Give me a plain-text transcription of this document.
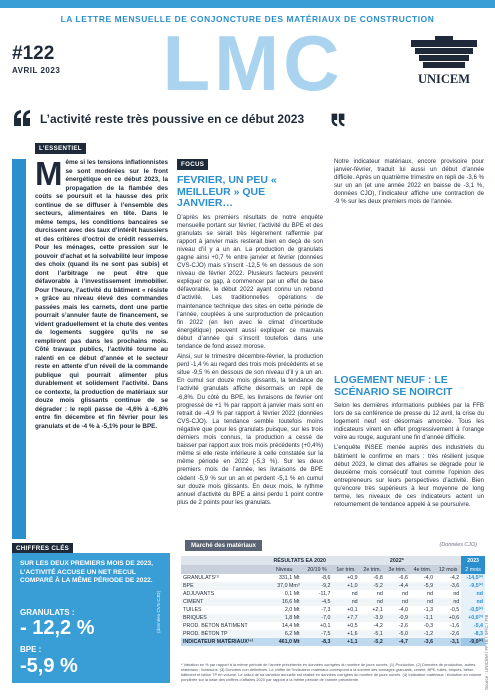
LA LETTRE MENSUELLE DE CONJONCTURE DES MATÉRIAUX DE CONSTRUCTION
#122
AVRIL 2023 LMC	UNICEM
L’activité reste très poussive en ce début 2023
L’ESSENTIEL
M ême si les tensions inflationnistes se sont modérées sur le front énergétique en ce début 2023, la propagation de la flambée des coûts se poursuit et la hausse des prix continue de se diffuser à l’ensemble des secteurs, alimentaires en tête. Dans le même temps, les conditions bancaires se durcissent avec des taux d’intérêt haussiers et des critères d’octroi de crédit resserrés. Pour les ménages, cette pression sur le pouvoir d’achat et la solvabilité leur impose des choix (quand ils ne sont pas subis) et dont l’arbitrage ne peut être que défavorable à l’investissement immobilier. Pour l’heure, l’activité du bâtiment « résiste » grâce au niveau élevé des commandes passées mais les carnets, dont une partie pourrait s’annuler faute de financement, se vident graduellement et la chute des ventes de logements suggère qu’ils ne se rempliront pas dans les prochains mois. Côté travaux publics, l’activité tourne au ralenti en ce début d’année et le secteur reste en attente d’un réveil de la commande publique qui pourrait alimenter plus durablement et solidement l’activité. Dans ce contexte, la production de matériaux sur douze mois glissants continue de se dégrader : le repli passe de -4,6% à -6,8% entre fin décembre et fin février pour les granulats et de -4 % à -5,1% pour le BPE.

CHIFFRES CLÉS
SUR LES DEUX PREMIERS MOIS DE 2023, L’ACTIVITÉ ACCUSE UN NET RECUL COMPARÉ À LA MÊME PÉRIODE DE 2022.
GRANULATS :
- 12,2 %
BPE :
-5,9 %
(données CVS-CJO)
FOCUS
FÉVRIER, UN PEU « MEILLEUR » QUE JANVIER…

D’après les premiers résultats de notre enquête mensuelle portant sur février, l’activité du BPE et des granulats se serait très légèrement raffermie par rapport à janvier mais resterait bien en deçà de son niveau d’il y a un an. La production de granulats gagne ainsi +0,7 % entre janvier et février (données CVS-CJO) mais s’inscrit -12,5 % en dessous de son niveau de février 2022. Plusieurs facteurs peuvent expliquer ce gap, à commencer par un effet de base défavorable, le début 2022 ayant connu un rebond d’activité. Les traditionnelles opérations de maintenance technique des sites en cette période de l’année, couplées à une surproduction de précaution fin 2022 (en lien avec le climat d’incertitude énergétique) peuvent aussi expliquer ce mauvais début d’année qui s’inscrit toutefois dans une tendance de fond assez morose.

Ainsi, sur le trimestre décembre-février, la production perd -1,4 % au regard des trois mois précédents et se situe -9,5 % en dessous de son niveau d’il y a un an. En cumul sur douze mois glissants, la tendance de l’activité granulats affiche désormais un repli de -6,8%. Du côté du BPE, les livraisons de février ont progressé de +1 % par rapport à janvier mais sont en retrait de -4,9 % par rapport à février 2022 (données CVS-CJO). La tendance semble toutefois moins négative que pour les granulats puisque, sur les trois derniers mois connus, la production a cessé de baisser par rapport aux trois mois précédents (+0,4%) même si elle reste inférieure à celle constatée sur la même période en 2022 (-5,3 %). Sur les deux premiers mois de l’année, les livraisons de BPE cèdent -5,9 % sur un an et perdent -5,1 % en cumul sur douze mois glissants. En deux mois, le rythme annuel d’activité du BPE a ainsi perdu 1 point contre plus de 2 points pour les granulats.

Notre indicateur matériaux, encore provisoire pour janvier-février, traduit lui aussi un début d’année difficile. Après un quatrième trimestre en repli de -3,6 % sur un an (et une année 2022 en baisse de -3,1 %, données CJO), l’indicateur affiche une contraction de -9 % sur les deux premiers mois de l’année.

LOGEMENT NEUF : LE SCÉNARIO SE NOIRCIT

Selon les dernières informations publiées par la FFB lors de sa conférence de presse du 12 avril, la crise du logement neuf est désormais amorcée. Tous les indicateurs virent en effet progressivement à l’orange voire au rouge, augurant une fin d’année difficile.

L’enquête INSEE menée auprès des industriels du bâtiment le confirme en mars : très résilient jusque début 2023, le climat des affaires se dégrade pour le deuxième mois consécutif tout comme l’opinion des entrepreneurs sur leurs perspectives d’activité. Bien qu’encore très supérieurs à leur moyenne de long terme, les niveaux de ces indicateurs actent un retournement de tendance appelé à se poursuivre.

Marché des matériaux	(Données CJO)
	RÉSULTATS EA 2020		2022*					2023
	Niveau	20/19 %	1er trim.	2e trim.	3e trim.	4e trim.	12 mois	2 mois
GRANULATS⁽¹⁾	331,1 Mt	-8,6	+0,9	-6,8	-6,6	-4,0	-4,2	-14,5⁽²⁾
BPE	37,0 Mm³	-9,2	+1,0	-5,2	-4,4	-5,9	-3,6	-9,5⁽²⁾
ADJUVANTS	0,1 Mt	-11,7	nd	nd	nd	nd	nd	nd
CIMENT	16,6 Mt	-4,5	nd	nd	nd	nd	nd	nd
TUILES	2,0 Mt	-7,3	+0,1	+2,1	-4,0	-1,3	-0,5	-0,5⁽²⁾
BRIQUES	1,8 Mt	-7,0	+7,7	-3,9	-0,9	-1,1	+0,6	+0,6⁽³⁾
PROD. BÉTON BÂTIMENT	14,4 Mt	+0,1	+0,5	-4,2	-2,6	-0,3	-1,6	-5,4
PROD. BÉTON TP	6,2 Mt	-7,5	+1,6	-5,1	-5,0	-1,2	-2,6	-8,3
INDICATEUR MATÉRIAUX⁽⁴⁾	461,0 Mt	-8,3	+1,1	-5,2	-4,7	-3,6	-3,1	-9,0⁽²⁾
* Variation en % par rapport à la même période de l’année précédente en données corrigées du nombre de jours ouvrés. (1) Production. (2) Données de production, autres matériaux : livraisons. (3) Données non définitives. Le chiffre de l’indicateur matériaux correspond à la somme des tonnages granulats, ciment, BPE, tuiles, briques, béton bâtiment et béton TP en volume. Le calcul de sa variation annuelle est réalisé en données corrigées du nombre de jours ouvrés. (4) Indicateur matériaux : évolution en volume pondérée sur la base des chiffres d’affaires 2020 par rapport à la même période de l’année précédente.	Source : UNICEM / FFTB / SFIC / FIB
